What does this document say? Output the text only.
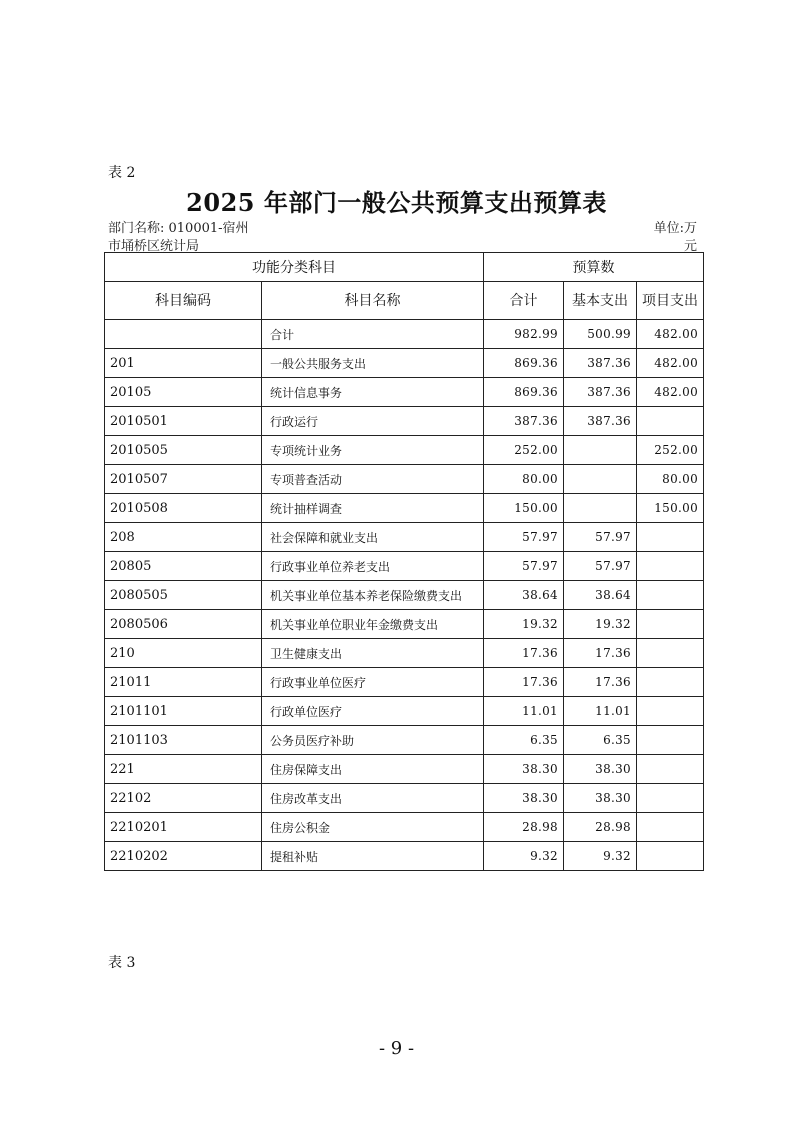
表 2
2025 年部门一般公共预算支出预算表
部门名称: 010001-宿州
市埇桥区统计局
单位:万
元
功能分类科目		预算数		
科目编码	科目名称	合计	基本支出	项目支出
	合计	982.99	500.99	482.00
201	一般公共服务支出	869.36	387.36	482.00
20105	统计信息事务	869.36	387.36	482.00
2010501	行政运行	387.36	387.36	
2010505	专项统计业务	252.00		252.00
2010507	专项普查活动	80.00		80.00
2010508	统计抽样调查	150.00		150.00
208	社会保障和就业支出	57.97	57.97	
20805	行政事业单位养老支出	57.97	57.97	
2080505	机关事业单位基本养老保险缴费支出	38.64	38.64	
2080506	机关事业单位职业年金缴费支出	19.32	19.32	
210	卫生健康支出	17.36	17.36	
21011	行政事业单位医疗	17.36	17.36	
2101101	行政单位医疗	11.01	11.01	
2101103	公务员医疗补助	6.35	6.35	
221	住房保障支出	38.30	38.30	
22102	住房改革支出	38.30	38.30	
2210201	住房公积金	28.98	28.98	
2210202	提租补贴	9.32	9.32	
表 3
- 9 -
